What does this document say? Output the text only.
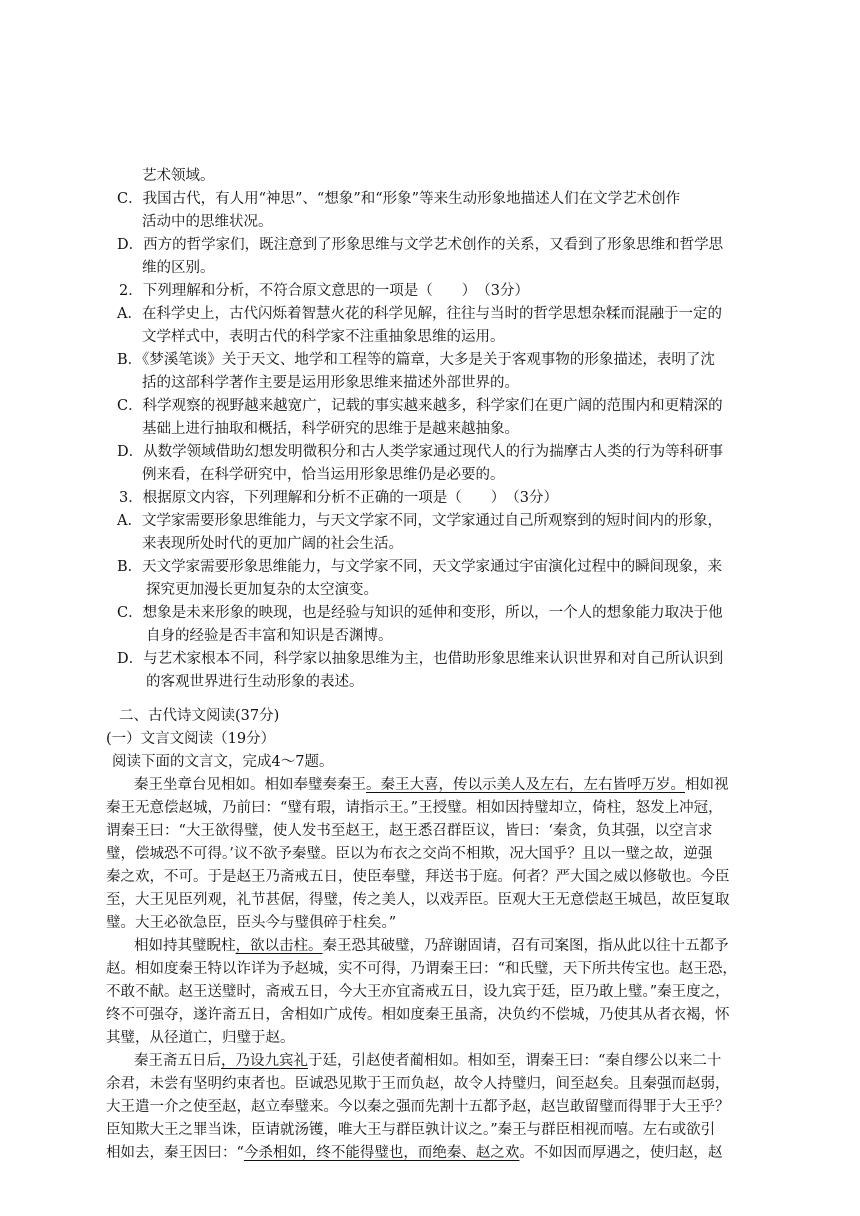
艺术领域。
C．我国古代，有人用“神思”、“想象”和“形象”等来生动形象地描述人们在文学艺术创作
活动中的思维状况。
D．西方的哲学家们，既注意到了形象思维与文学艺术创作的关系，又看到了形象思维和哲学思
维的区别。
2．下列理解和分析，不符合原文意思的一项是（　　）　（3分）
A．在科学史上，古代闪烁着智慧火花的科学见解，往往与当时的哲学思想杂糅而混融于一定的
文学样式中，表明古代的科学家不注重抽象思维的运用。
B．《梦溪笔谈》关于天文、地学和工程等的篇章，大多是关于客观事物的形象描述，表明了沈
括的这部科学著作主要是运用形象思维来描述外部世界的。
C．科学观察的视野越来越宽广，记载的事实越来越多，科学家们在更广阔的范围内和更精深的
基础上进行抽取和概括，科学研究的思维于是越来越抽象。
D．从数学领域借助幻想发明微积分和古人类学家通过现代人的行为揣摩古人类的行为等科研事
例来看，在科学研究中，恰当运用形象思维仍是必要的。
3．根据原文内容，下列理解和分析不正确的一项是（　　）　（3分）
A．文学家需要形象思维能力，与天文学家不同，文学家通过自己所观察到的短时间内的形象，
来表现所处时代的更加广阔的社会生活。
B．天文学家需要形象思维能力，与文学家不同，天文学家通过宇宙演化过程中的瞬间现象，来
探究更加漫长更加复杂的太空演变。
C．想象是未来形象的映现，也是经验与知识的延伸和变形，所以，一个人的想象能力取决于他
自身的经验是否丰富和知识是否渊博。
D．与艺术家根本不同，科学家以抽象思维为主，也借助形象思维来认识世界和对自己所认识到
的客观世界进行生动形象的表述。
二、古代诗文阅读(37分)
(一）文言文阅读（19分）
阅读下面的文言文，完成4～7题。
秦王坐章台见相如。相如奉璧奏秦王。秦王大喜，传以示美人及左右，左右皆呼万岁。相如视
秦王无意偿赵城，乃前曰：“璧有瑕，请指示王。”王授璧。相如因持璧却立，倚柱，怒发上冲冠，
谓秦王曰：“大王欲得璧，使人发书至赵王，赵王悉召群臣议，皆曰：‘秦贪，负其强，以空言求
璧，偿城恐不可得。’议不欲予秦璧。臣以为布衣之交尚不相欺，况大国乎？且以一璧之故，逆强
秦之欢，不可。于是赵王乃斋戒五日，使臣奉璧，拜送书于庭。何者？严大国之威以修敬也。今臣
至，大王见臣列观，礼节甚倨，得璧，传之美人，以戏弄臣。臣观大王无意偿赵王城邑，故臣复取
璧。大王必欲急臣，臣头今与璧俱碎于柱矣。”
相如持其璧睨柱，欲以击柱。秦王恐其破璧，乃辞谢固请，召有司案图，指从此以往十五都予
赵。相如度秦王特以诈详为予赵城，实不可得，乃谓秦王曰：“和氏璧，天下所共传宝也。赵王恐，
不敢不献。赵王送璧时，斋戒五日，今大王亦宜斋戒五日，设九宾于廷，臣乃敢上璧。”秦王度之，
终不可强夺，遂许斋五日，舍相如广成传。相如度秦王虽斋，决负约不偿城，乃使其从者衣褐，怀
其璧，从径道亡，归璧于赵。
秦王斋五日后，乃设九宾礼于廷，引赵使者蔺相如。相如至，谓秦王曰：“秦自缪公以来二十
余君，未尝有坚明约束者也。臣诚恐见欺于王而负赵，故令人持璧归，间至赵矣。且秦强而赵弱，
大王遣一介之使至赵，赵立奉璧来。今以秦之强而先割十五都予赵，赵岂敢留璧而得罪于大王乎？
臣知欺大王之罪当诛，臣请就汤镬，唯大王与群臣孰计议之。”秦王与群臣相视而嘻。左右或欲引
相如去，秦王因曰：“今杀相如，终不能得璧也，而绝秦、赵之欢。不如因而厚遇之，使归赵，赵
